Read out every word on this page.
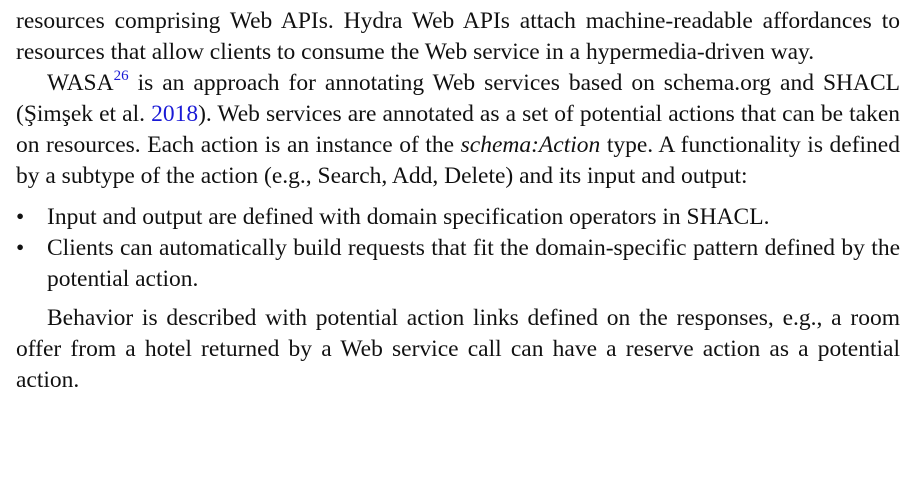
resources comprising Web APIs. Hydra Web APIs attach machine-readable affordances to resources that allow clients to consume the Web service in a hypermedia-driven way.

WASA$^{26}$ is an approach for annotating Web services based on schema.org and SHACL (Şimşek et al. 2018). Web services are annotated as a set of potential actions that can be taken on resources. Each action is an instance of the schema:Action type. A functionality is defined by a subtype of the action (e.g., Search, Add, Delete) and its input and output:

• Input and output are defined with domain specification operators in SHACL.
• Clients can automatically build requests that fit the domain-specific pattern defined by the potential action.

Behavior is described with potential action links defined on the responses, e.g., a room offer from a hotel returned by a Web service call can have a reserve action as a potential action.
